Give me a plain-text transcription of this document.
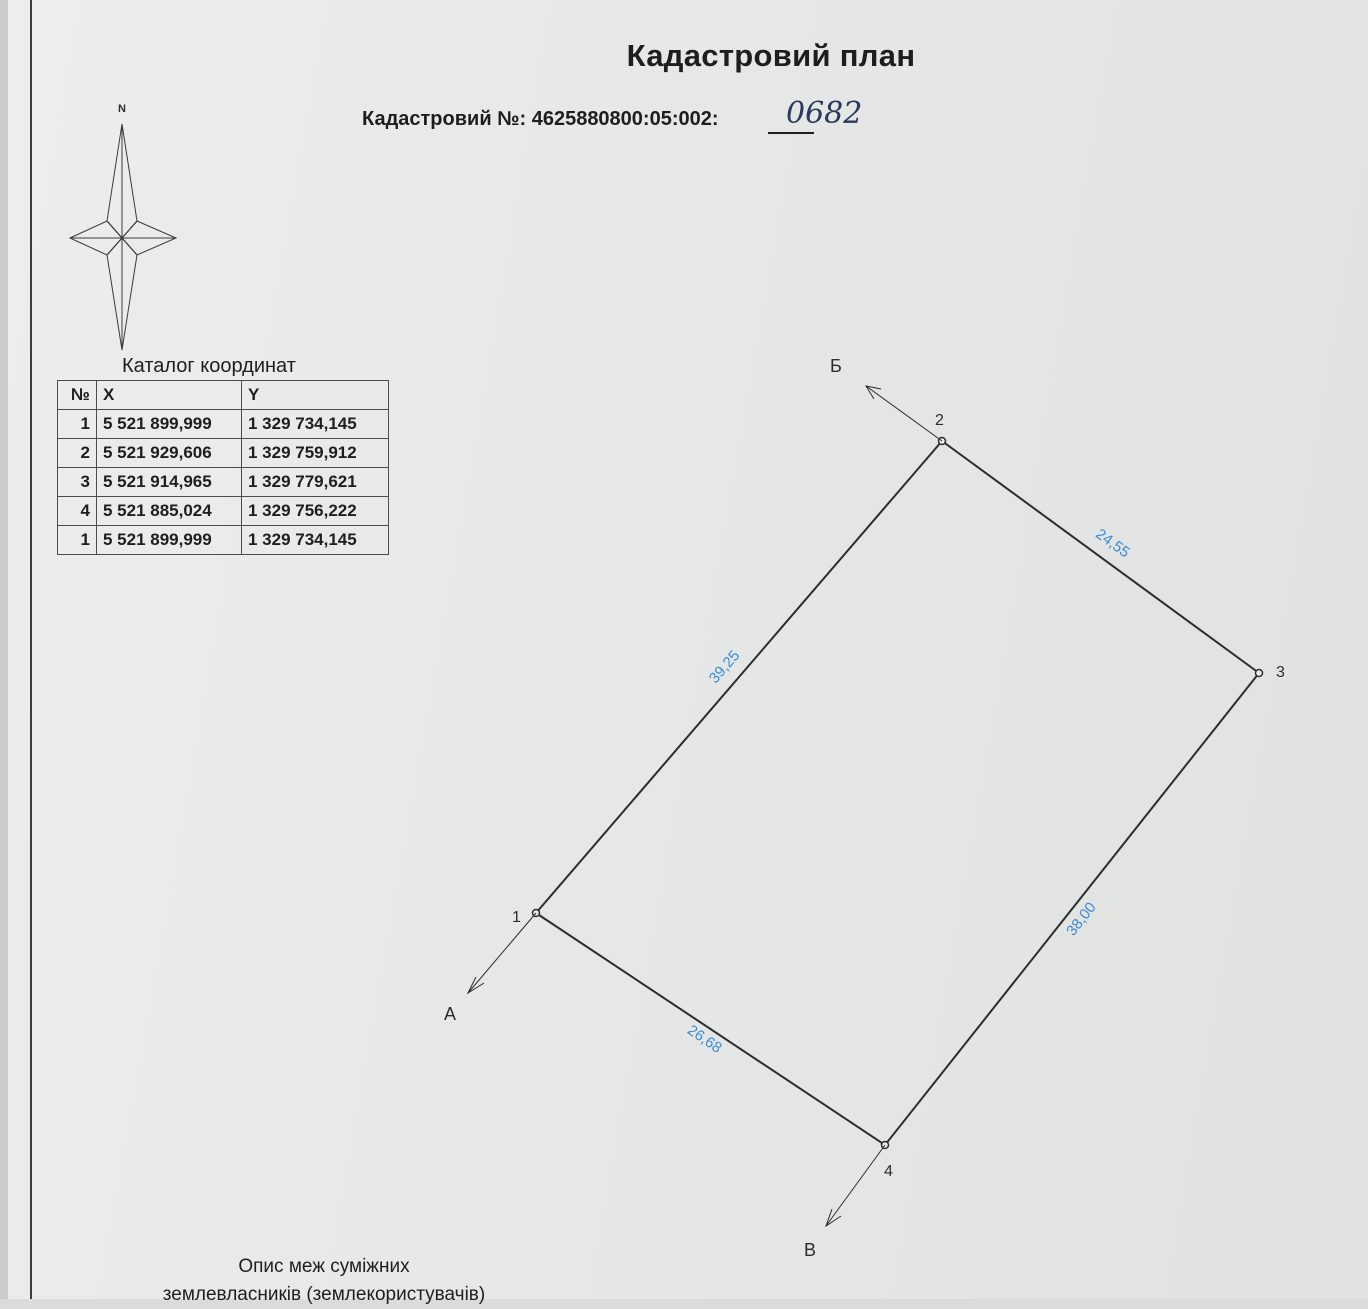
Кадастровий план
Кадастровий №: 4625880800:05:002: 0682
Каталог координат
№	X	Y
1	5 521 899,999	1 329 734,145
2	5 521 929,606	1 329 759,912
3	5 521 914,965	1 329 779,621
4	5 521 885,024	1 329 756,222
1	5 521 899,999	1 329 734,145
N
1
2
3
4
39,25
24,55
38,00
26,68
А
Б
В
Опис меж суміжних
землевласників (землекористувачів)
